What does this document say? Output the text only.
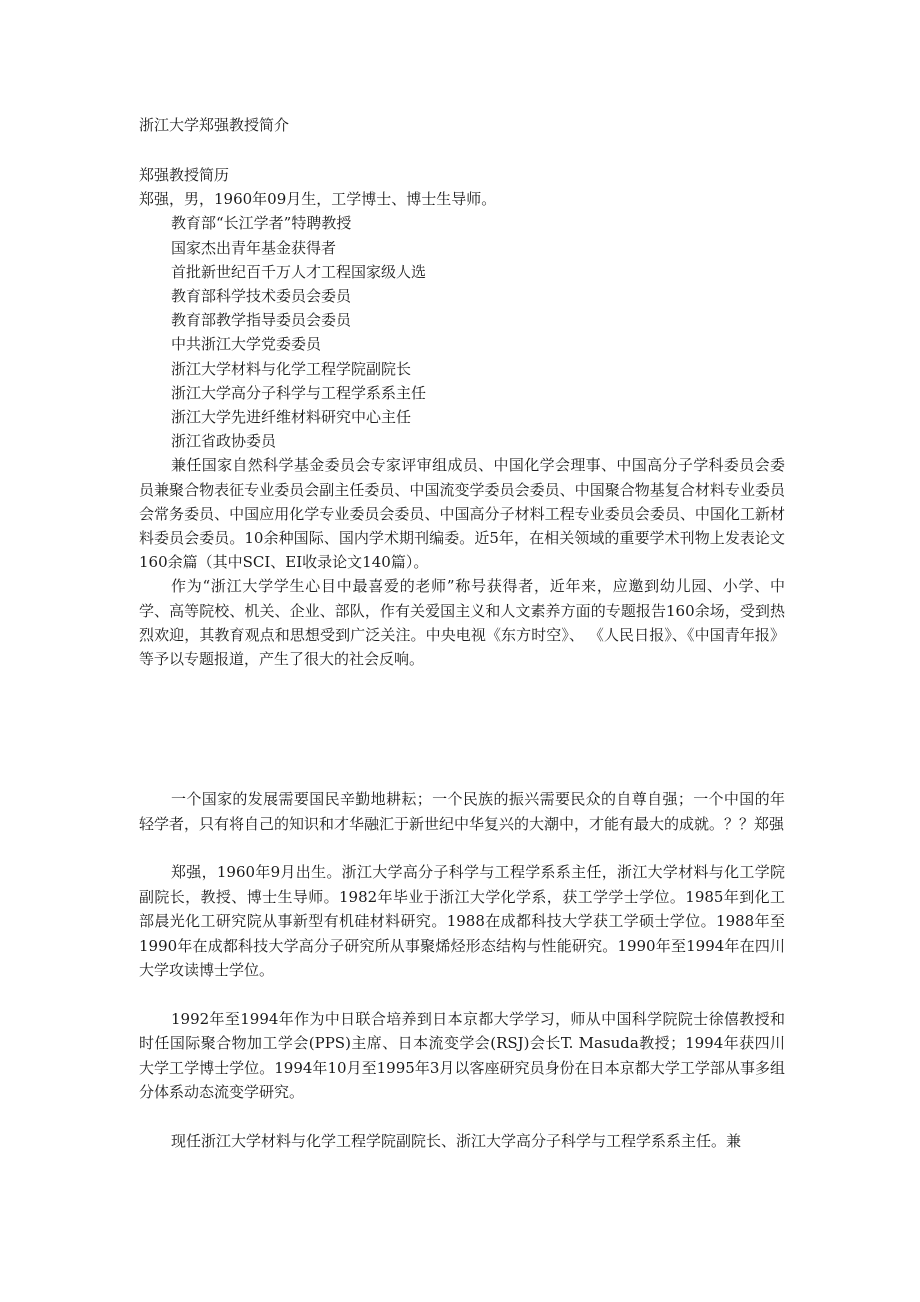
浙江大学郑强教授简介

郑强教授简历

郑强，男，1960年09月生，工学博士、博士生导师。

教育部“长江学者”特聘教授

国家杰出青年基金获得者

首批新世纪百千万人才工程国家级人选

教育部科学技术委员会委员

教育部教学指导委员会委员

中共浙江大学党委委员

浙江大学材料与化学工程学院副院长

浙江大学高分子科学与工程学系系主任

浙江大学先进纤维材料研究中心主任

浙江省政协委员

兼任国家自然科学基金委员会专家评审组成员、中国化学会理事、中国高分子学科委员会委员兼聚合物表征专业委员会副主任委员、中国流变学委员会委员、中国聚合物基复合材料专业委员会常务委员、中国应用化学专业委员会委员、中国高分子材料工程专业委员会委员、中国化工新材料委员会委员。10余种国际、国内学术期刊编委。近5年，在相关领域的重要学术刊物上发表论文160余篇（其中SCI、EI收录论文140篇）。

作为“浙江大学学生心目中最喜爱的老师”称号获得者，近年来，应邀到幼儿园、小学、中学、高等院校、机关、企业、部队，作有关爱国主义和人文素养方面的专题报告160余场，受到热烈欢迎，其教育观点和思想受到广泛关注。中央电视《东方时空》、 《人民日报》、《中国青年报》等予以专题报道，产生了很大的社会反响。

一个国家的发展需要国民辛勤地耕耘；一个民族的振兴需要民众的自尊自强；一个中国的年轻学者，只有将自己的知识和才华融汇于新世纪中华复兴的大潮中，才能有最大的成就。？？郑强

郑强，1960年9月出生。浙江大学高分子科学与工程学系系主任，浙江大学材料与化工学院副院长，教授、博士生导师。1982年毕业于浙江大学化学系，获工学学士学位。1985年到化工部晨光化工研究院从事新型有机硅材料研究。1988在成都科技大学获工学硕士学位。1988年至1990年在成都科技大学高分子研究所从事聚烯烃形态结构与性能研究。1990年至1994年在四川大学攻读博士学位。

1992年至1994年作为中日联合培养到日本京都大学学习，师从中国科学院院士徐僖教授和时任国际聚合物加工学会(PPS)主席、日本流变学会(RSJ)会长T. Masuda教授；1994年获四川大学工学博士学位。1994年10月至1995年3月以客座研究员身份在日本京都大学工学部从事多组分体系动态流变学研究。

现任浙江大学材料与化学工程学院副院长、浙江大学高分子科学与工程学系系主任。兼
